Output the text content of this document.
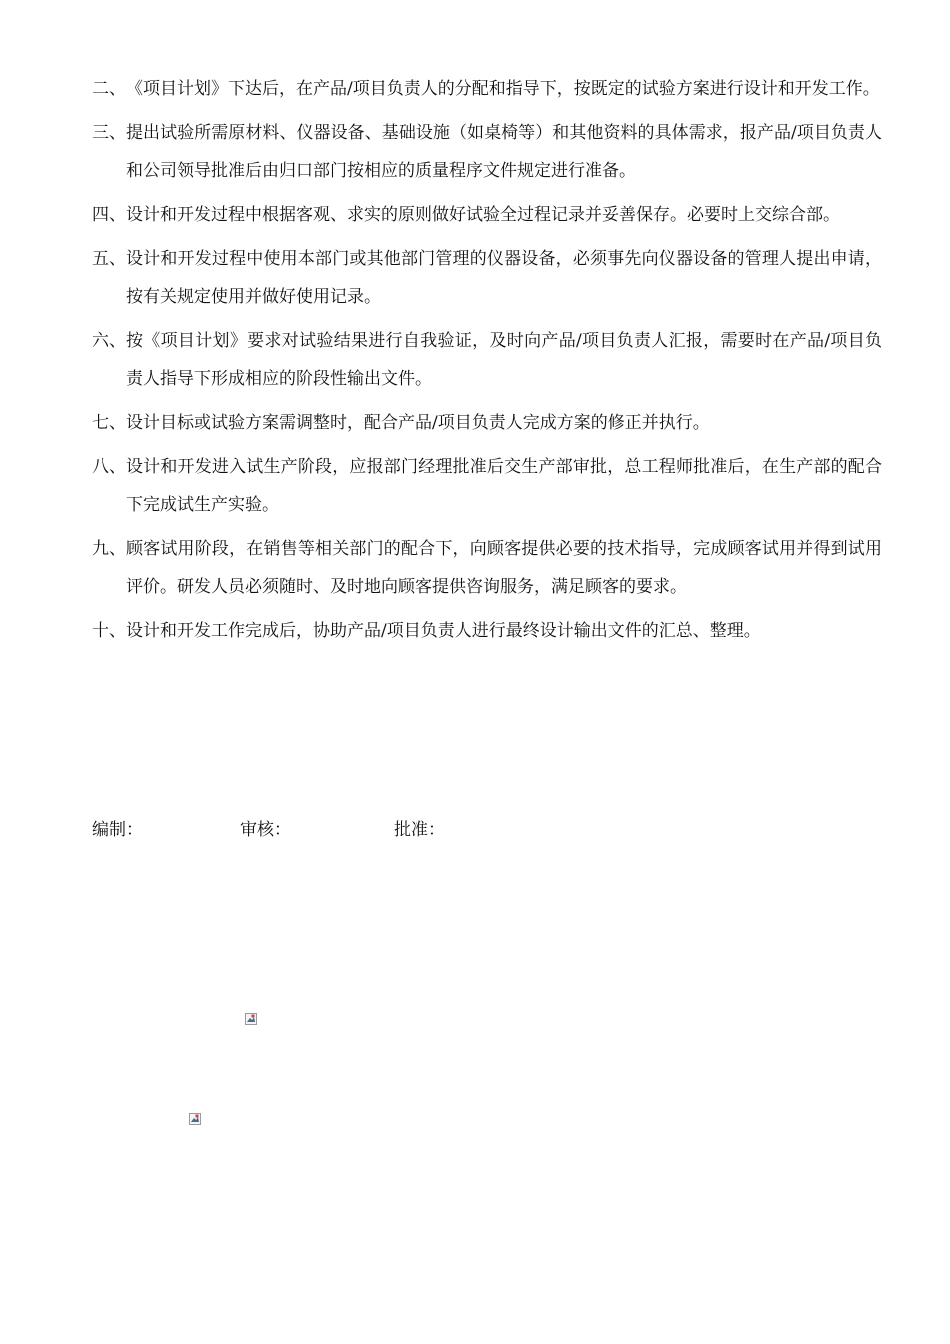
二、 《项目计划》下达后，在产品/项目负责人的分配和指导下，按既定的试验方案进行设计和开发工作。
三、 提出试验所需原材料、仪器设备、基础设施（如桌椅等）和其他资料的具体需求，报产品/项目负责人和公司领导批准后由归口部门按相应的质量程序文件规定进行准备。
四、 设计和开发过程中根据客观、求实的原则做好试验全过程记录并妥善保存。必要时上交综合部。
五、 设计和开发过程中使用本部门或其他部门管理的仪器设备，必须事先向仪器设备的管理人提出申请，按有关规定使用并做好使用记录。
六、 按《项目计划》要求对试验结果进行自我验证，及时向产品/项目负责人汇报，需要时在产品/项目负责人指导下形成相应的阶段性输出文件。
七、 设计目标或试验方案需调整时，配合产品/项目负责人完成方案的修正并执行。
八、 设计和开发进入试生产阶段，应报部门经理批准后交生产部审批，总工程师批准后，在生产部的配合下完成试生产实验。
九、 顾客试用阶段，在销售等相关部门的配合下，向顾客提供必要的技术指导，完成顾客试用并得到试用评价。研发人员必须随时、及时地向顾客提供咨询服务，满足顾客的要求。
十、 设计和开发工作完成后，协助产品/项目负责人进行最终设计输出文件的汇总、整理。
编制：	审核：	批准：
